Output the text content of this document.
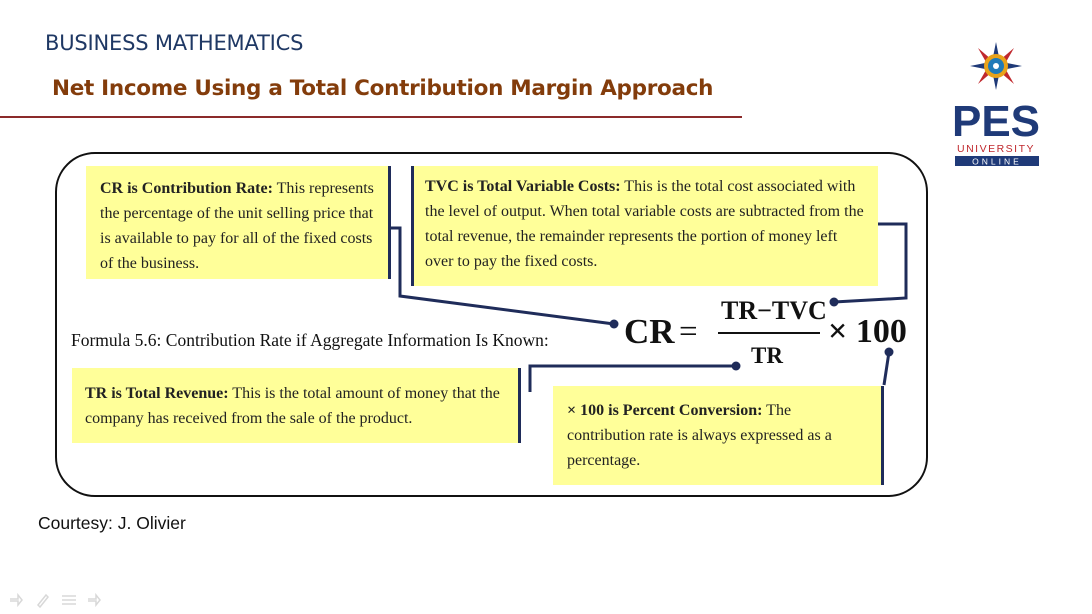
BUSINESS MATHEMATICS
Net Income Using a Total Contribution Margin Approach
PES
UNIVERSITY
ONLINE
CR is Contribution Rate: This represents the percentage of the unit selling price that is available to pay for all of the fixed costs of the business.
TVC is Total Variable Costs: This is the total cost associated with the level of output. When total variable costs are subtracted from the total revenue, the remainder represents the portion of money left over to pay the fixed costs.
TR is Total Revenue: This is the total amount of money that the company has received from the sale of the product.	× 100 is Percent Conversion: The contribution rate is always expressed as a percentage.
Formula 5.6: Contribution Rate if Aggregate Information Is Known: CR =
TR−TVC
TR
× 100
Courtesy: J. Olivier
